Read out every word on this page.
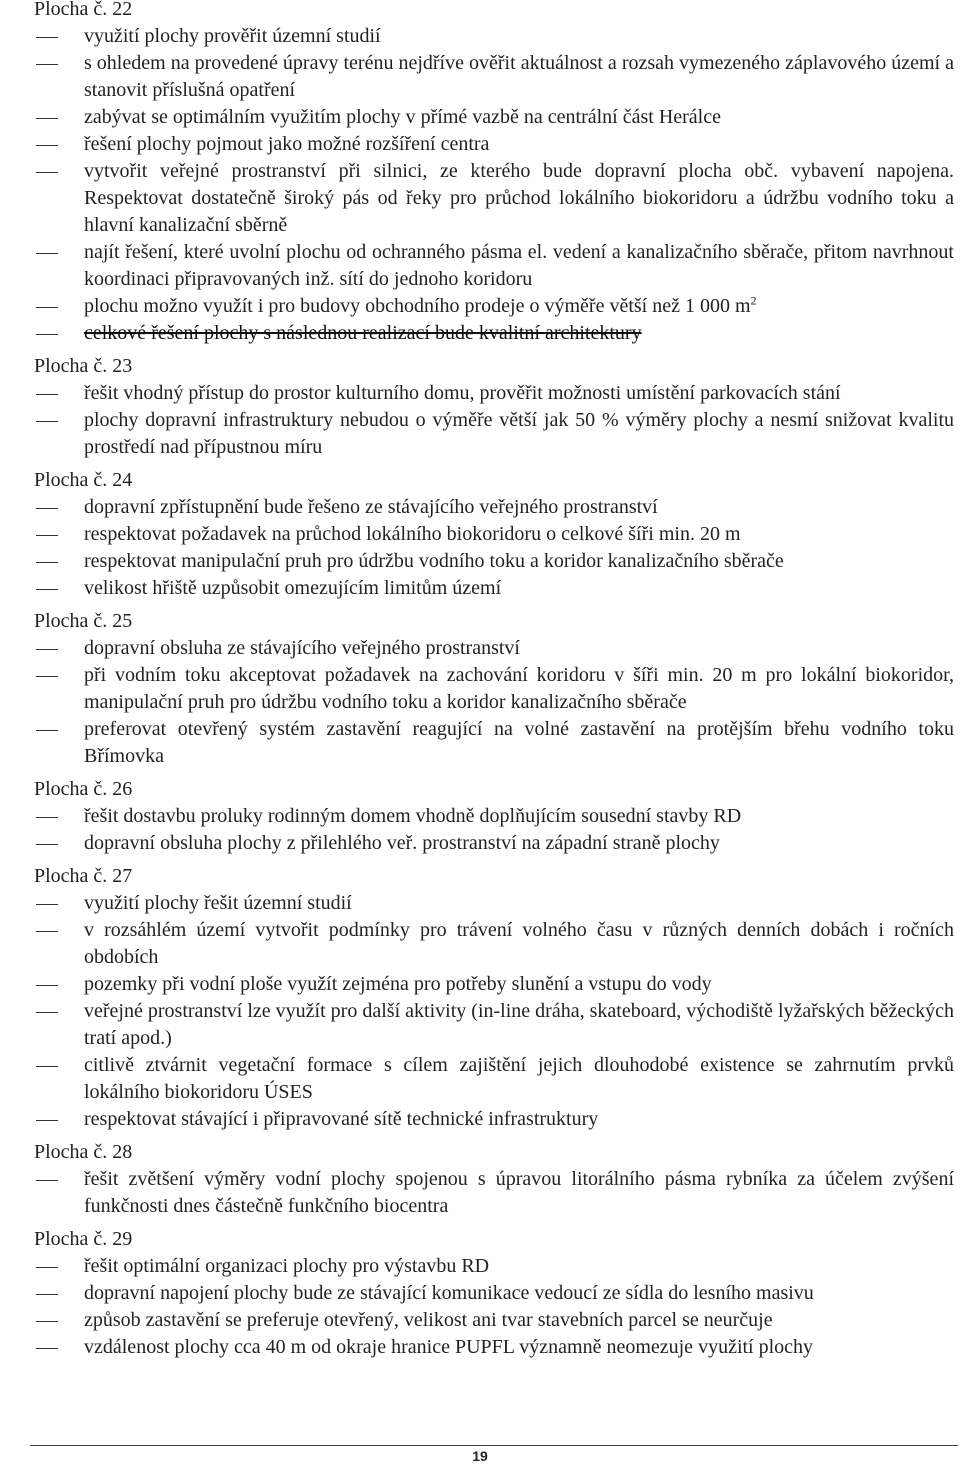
Plocha č. 22
využití plochy prověřit územní studií
s ohledem na provedené úpravy terénu nejdříve ověřit aktuálnost a rozsah vymezeného záplavového území a stanovit příslušná opatření
zabývat se optimálním využitím plochy v přímé vazbě na centrální část Herálce
řešení plochy pojmout jako možné rozšíření centra
vytvořit veřejné prostranství při silnici, ze kterého bude dopravní plocha obč. vybavení napojena. Respektovat dostatečně široký pás od řeky pro průchod lokálního biokoridoru a údržbu vodního toku a hlavní kanalizační sběrně
najít řešení, které uvolní plochu od ochranného pásma el. vedení a kanalizačního sběrače, přitom navrhnout koordinaci připravovaných inž. sítí do jednoho koridoru
plochu možno využít i pro budovy obchodního prodeje o výměře větší než 1 000 $m^2$
celkové řešení plochy s následnou realizací bude kvalitní architektury
Plocha č. 23
řešit vhodný přístup do prostor kulturního domu, prověřit možnosti umístění parkovacích stání
plochy dopravní infrastruktury nebudou o výměře větší jak 50 % výměry plochy a nesmí snižovat kvalitu prostředí nad přípustnou míru
Plocha č. 24
dopravní zpřístupnění bude řešeno ze stávajícího veřejného prostranství
respektovat požadavek na průchod lokálního biokoridoru o celkové šíři min. 20 m
respektovat manipulační pruh pro údržbu vodního toku a koridor kanalizačního sběrače
velikost hřiště uzpůsobit omezujícím limitům území
Plocha č. 25
dopravní obsluha ze stávajícího veřejného prostranství
při vodním toku akceptovat požadavek na zachování koridoru v šíři min. 20 m pro lokální biokoridor, manipulační pruh pro údržbu vodního toku a koridor kanalizačního sběrače
preferovat otevřený systém zastavění reagující na volné zastavění na protějším břehu vodního toku Břímovka
Plocha č. 26
řešit dostavbu proluky rodinným domem vhodně doplňujícím sousední stavby RD
dopravní obsluha plochy z přilehlého veř. prostranství na západní straně plochy
Plocha č. 27
využití plochy řešit územní studií
v rozsáhlém území vytvořit podmínky pro trávení volného času v různých denních dobách i ročních obdobích
pozemky při vodní ploše využít zejména pro potřeby slunění a vstupu do vody
veřejné prostranství lze využít pro další aktivity (in-line dráha, skateboard, východiště lyžařských běžeckých tratí apod.)
citlivě ztvárnit vegetační formace s cílem zajištění jejich dlouhodobé existence se zahrnutím prvků lokálního biokoridoru ÚSES
respektovat stávající i připravované sítě technické infrastruktury
Plocha č. 28
řešit zvětšení výměry vodní plochy spojenou s úpravou litorálního pásma rybníka za účelem zvýšení funkčnosti dnes částečně funkčního biocentra
Plocha č. 29
řešit optimální organizaci plochy pro výstavbu RD
dopravní napojení plochy bude ze stávající komunikace vedoucí ze sídla do lesního masivu
způsob zastavění se preferuje otevřený, velikost ani tvar stavebních parcel se neurčuje
vzdálenost plochy cca 40 m od okraje hranice PUPFL významně neomezuje využití plochy
19
